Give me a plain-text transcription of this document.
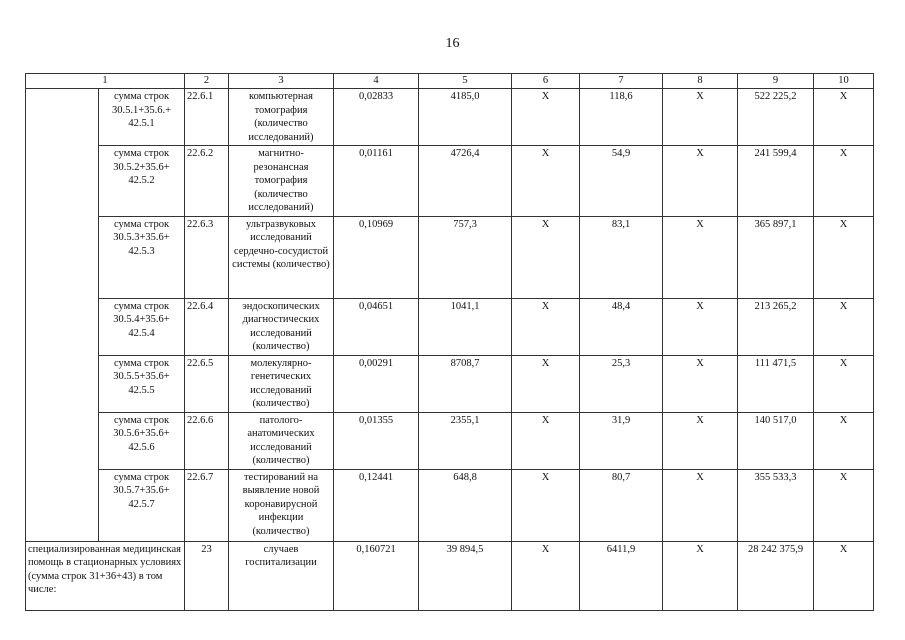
16
1		2	3	4	5	6	7	8	9	10
	сумма строк 30.5.1+35.6.+ 42.5.1	22.6.1	компьютерная томография (количество исследований)	0,02833	4185,0	X	118,6	X	522 225,2	X
	сумма строк 30.5.2+35.6+ 42.5.2	22.6.2	магнитно-резонансная томография (количество исследований)	0,01161	4726,4	X	54,9	X	241 599,4	X
	сумма строк 30.5.3+35.6+ 42.5.3	22.6.3	ультразвуковых исследований сердечно-сосудистой системы (количество)	0,10969	757,3	X	83,1	X	365 897,1	X
	сумма строк 30.5.4+35.6+ 42.5.4	22.6.4	эндоскопических диагностических исследований (количество)	0,04651	1041,1	X	48,4	X	213 265,2	X
	сумма строк 30.5.5+35.6+ 42.5.5	22.6.5	молекулярно-генетических исследований (количество)	0,00291	8708,7	X	25,3	X	111 471,5	X
	сумма строк 30.5.6+35.6+ 42.5.6	22.6.6	патолого-анатомических исследований (количество)	0,01355	2355,1	X	31,9	X	140 517,0	X
	сумма строк 30.5.7+35.6+ 42.5.7	22.6.7	тестирований на выявление новой коронавирусной инфекции (количество)	0,12441	648,8	X	80,7	X	355 533,3	X
специализированная медицинская помощь в стационарных условиях (сумма строк 31+36+43) в том числе:		23	случаев госпитализации	0,160721	39 894,5	X	6411,9	X	28 242 375,9	X
